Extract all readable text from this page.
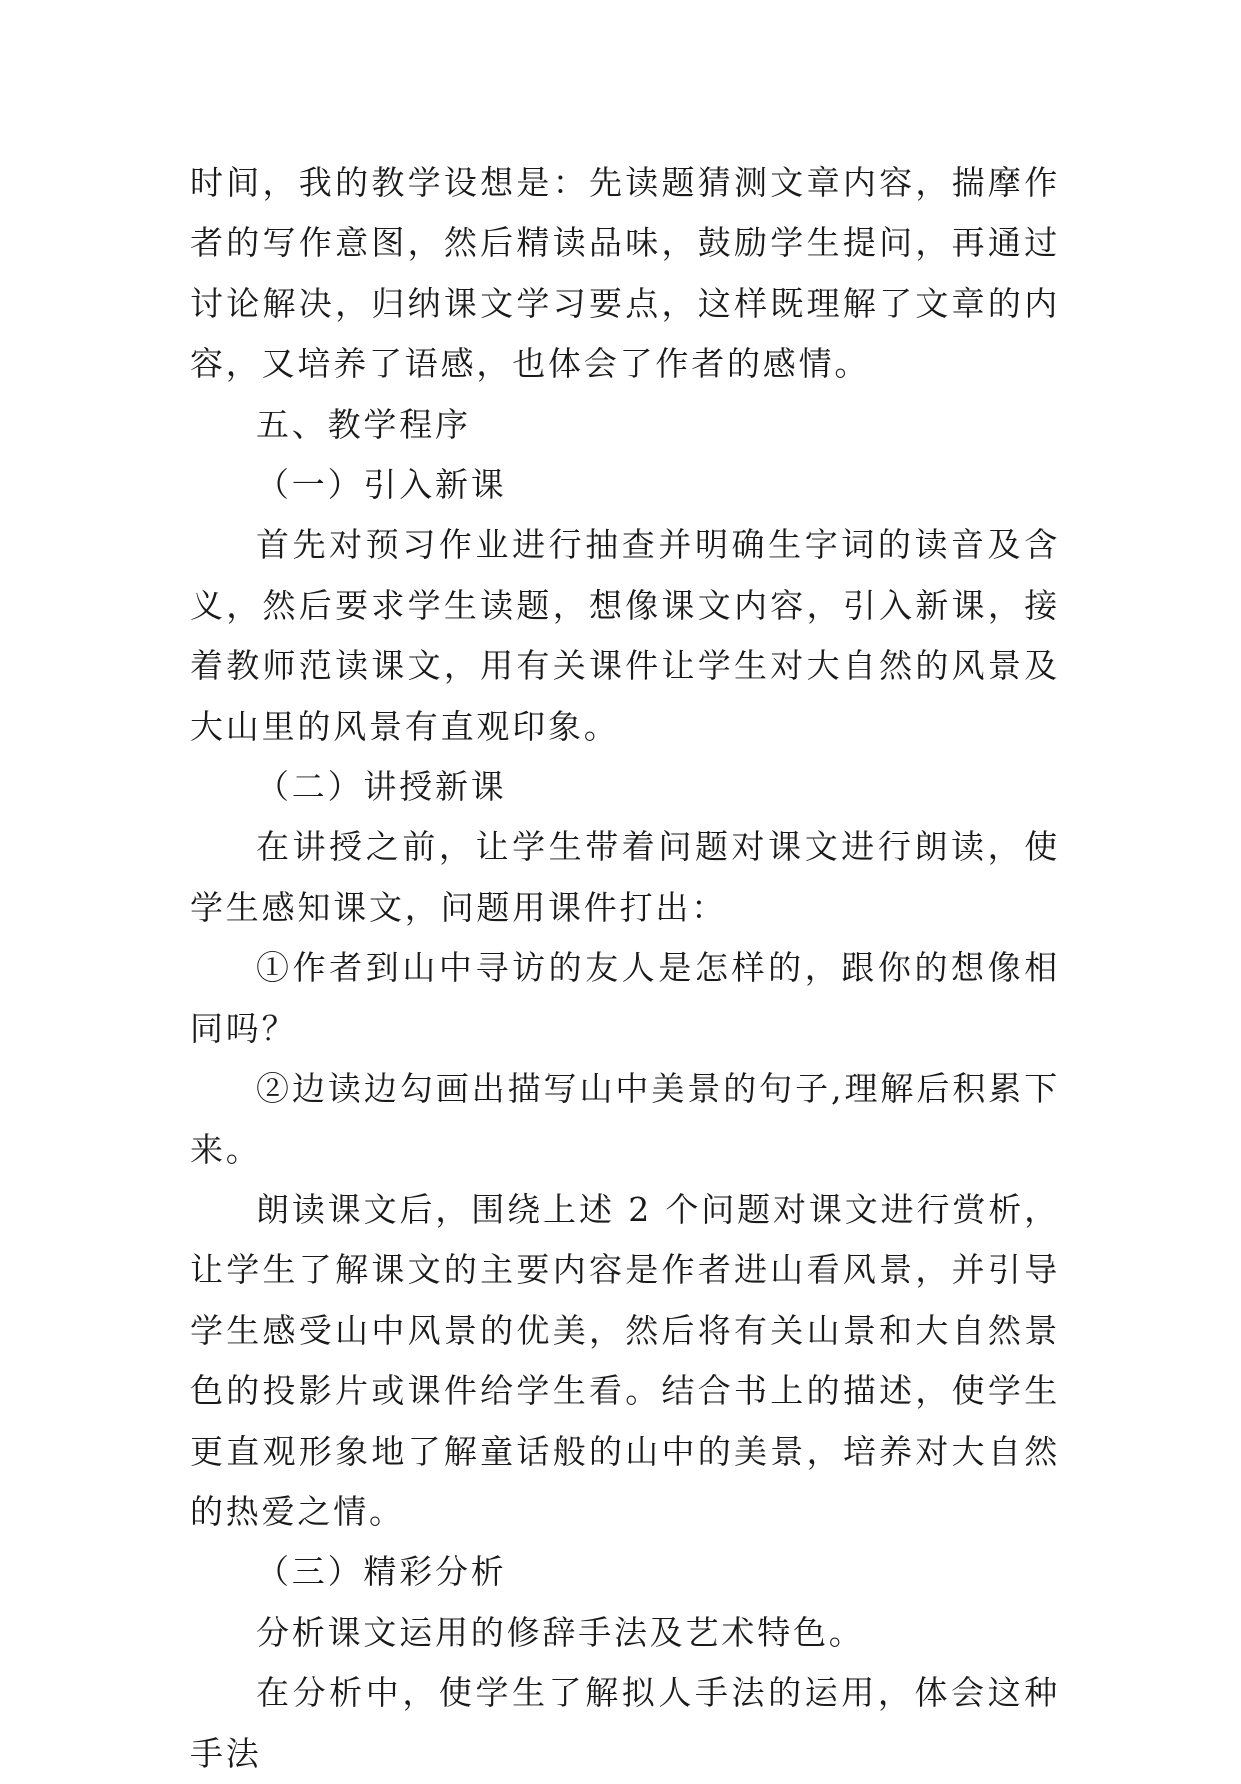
时间，我的教学设想是：先读题猜测文章内容，揣摩作者的写作意图，然后精读品味，鼓励学生提问，再通过讨论解决，归纳课文学习要点，这样既理解了文章的内容，又培养了语感，也体会了作者的感情。

五、教学程序

（一）引入新课

首先对预习作业进行抽查并明确生字词的读音及含义，然后要求学生读题，想像课文内容，引入新课，接着教师范读课文，用有关课件让学生对大自然的风景及大山里的风景有直观印象。

（二）讲授新课

在讲授之前，让学生带着问题对课文进行朗读，使学生感知课文，问题用课件打出：

①作者到山中寻访的友人是怎样的，跟你的想像相同吗？

②边读边勾画出描写山中美景的句子,理解后积累下来。

朗读课文后，围绕上述 2 个问题对课文进行赏析，让学生了解课文的主要内容是作者进山看风景，并引导学生感受山中风景的优美，然后将有关山景和大自然景色的投影片或课件给学生看。结合书上的描述，使学生更直观形象地了解童话般的山中的美景，培养对大自然的热爱之情。

（三）精彩分析

分析课文运用的修辞手法及艺术特色。

在分析中，使学生了解拟人手法的运用，体会这种手法
